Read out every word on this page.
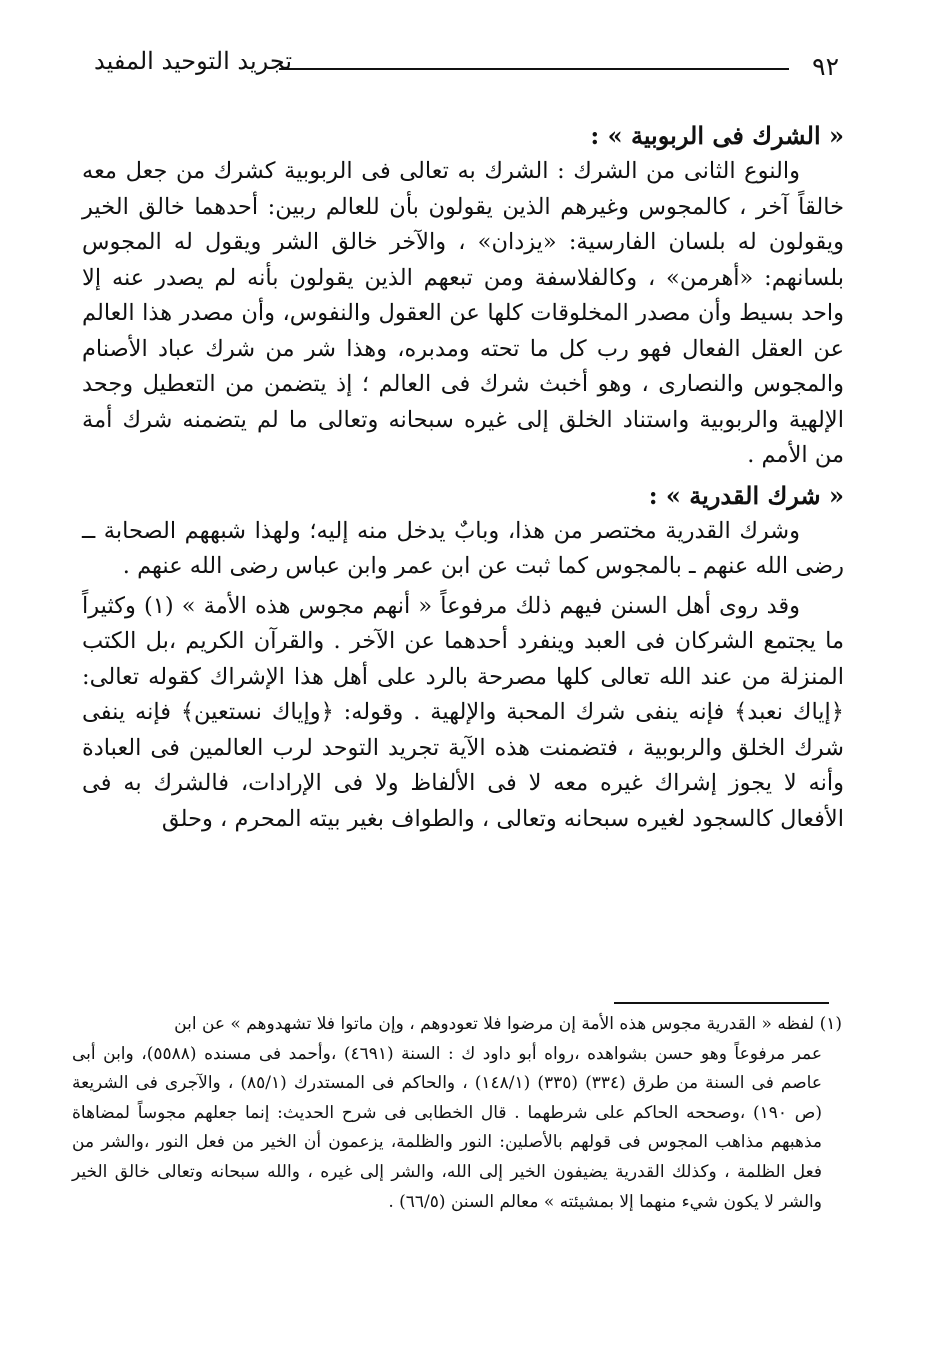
٩٢
تجريد التوحيد المفيد
« الشرك فى الربوبية » :

والنوع الثانى من الشرك : الشرك به تعالى فى الربوبية كشرك من جعل معه خالقاً آخر ، كالمجوس وغيرهم الذين يقولون بأن للعالم ربين: أحدهما خالق الخير ويقولون له بلسان الفارسية: «يزدان» ، والآخر خالق الشر ويقول له المجوس بلسانهم: «أهرمن» ، وكالفلاسفة ومن تبعهم الذين يقولون بأنه لم يصدر عنه إلا واحد بسيط وأن مصدر المخلوقات كلها عن العقول والنفوس، وأن مصدر هذا العالم عن العقل الفعال فهو رب كل ما تحته ومدبره، وهذا شر من شرك عباد الأصنام والمجوس والنصارى ، وهو أخبث شرك فى العالم ؛ إذ يتضمن من التعطيل وجحد الإلهية والربوبية واستناد الخلق إلى غيره سبحانه وتعالى ما لم يتضمنه شرك أمة من الأمم .

« شرك القدرية » :

وشرك القدرية مختصر من هذا، وبابٌ يدخل منه إليه؛ ولهذا شبههم الصحابة ــ رضى الله عنهم ـ بالمجوس كما ثبت عن ابن عمر وابن عباس رضى الله عنهم .

وقد روى أهل السنن فيهم ذلك مرفوعاً « أنهم مجوس هذه الأمة » (١) وكثيراً ما يجتمع الشركان فى العبد وينفرد أحدهما عن الآخر . والقرآن الكريم ،بل الكتب المنزلة من عند الله تعالى كلها مصرحة بالرد على أهل هذا الإشراك كقوله تعالى: ﴿إياك نعبد﴾ فإنه ينفى شرك المحبة والإلهية . وقوله: ﴿وإياك نستعين﴾ فإنه ينفى شرك الخلق والربوبية ، فتضمنت هذه الآية تجريد التوحد لرب العالمين فى العبادة وأنه لا يجوز إشراك غيره معه لا فى الألفاظ ولا فى الإرادات، فالشرك به فى الأفعال كالسجود لغيره سبحانه وتعالى ، والطواف بغير بيته المحرم ، وحلق

(١) لفظه « القدرية مجوس هذه الأمة إن مرضوا فلا تعودوهم ، وإن ماتوا فلا تشهدوهم » عن ابن

عمر مرفوعاً وهو حسن بشواهده ،رواه أبو داود ك : السنة (٤٦٩١) ،وأحمد فى مسنده (٥٥٨٨)، وابن أبى عاصم فى السنة من طرق (٣٣٤) (٣٣٥) (١٤٨/١) ، والحاكم فى المستدرك (٨٥/١) ، والآجرى فى الشريعة (ص ١٩٠) ،وصححه الحاكم على شرطهما . قال الخطابى فى شرح الحديث: إنما جعلهم مجوساً لمضاهاة مذهبهم مذاهب المجوس فى قولهم بالأصلين: النور والظلمة، يزعمون أن الخير من فعل النور ،والشر من فعل الظلمة ، وكذلك القدرية يضيفون الخير إلى الله، والشر إلى غيره ، والله سبحانه وتعالى خالق الخير والشر لا يكون شيء منهما إلا بمشيئته » معالم السنن (٦٦/٥) .
